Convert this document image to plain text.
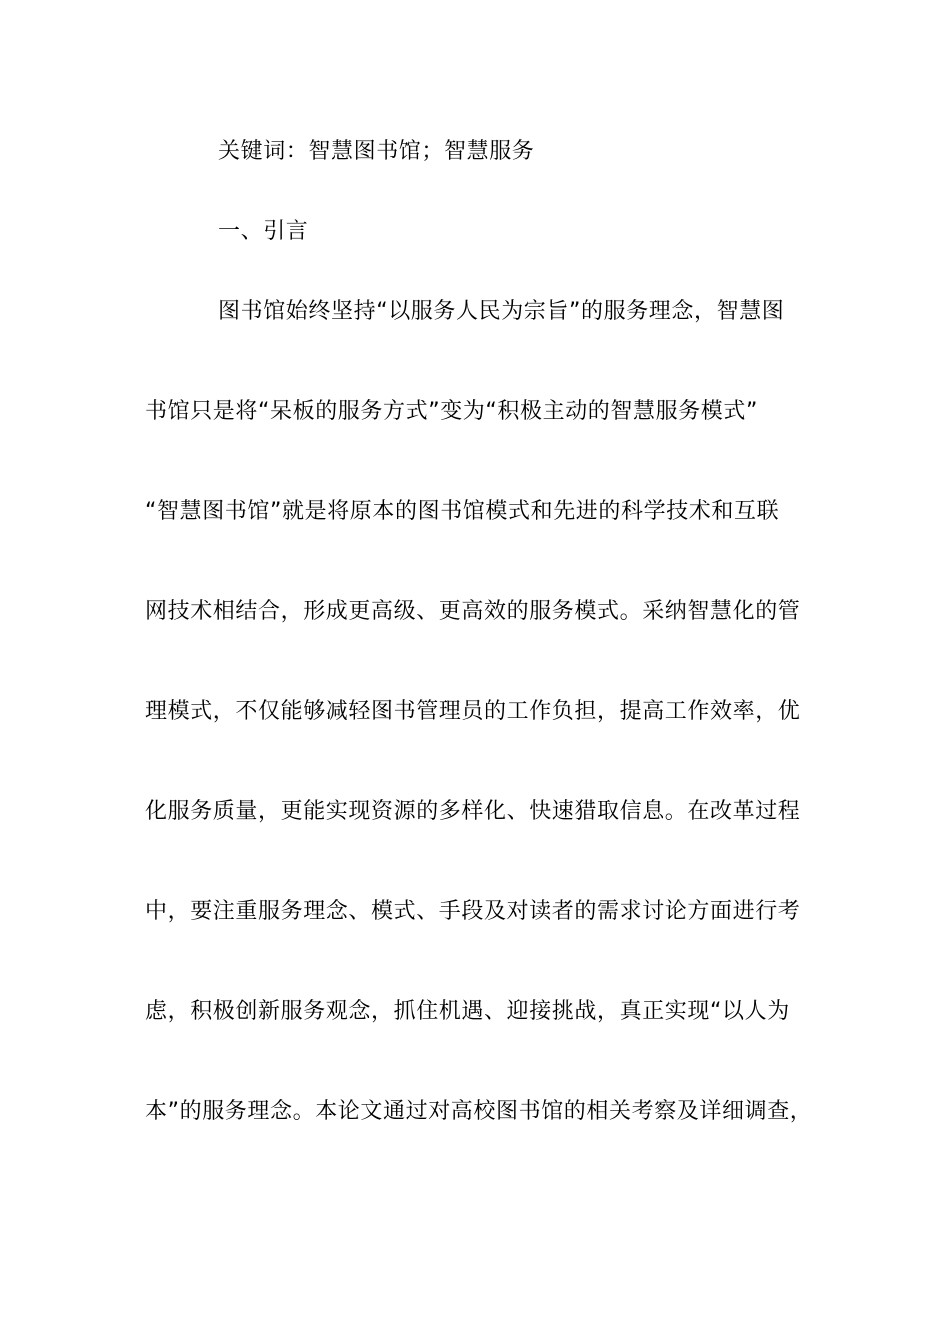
关键词：智慧图书馆；智慧服务
一、引言
图书馆始终坚持“以服务人民为宗旨”的服务理念，智慧图
书馆只是将“呆板的服务方式”变为“积极主动的智慧服务模式”
“智慧图书馆”就是将原本的图书馆模式和先进的科学技术和互联
网技术相结合，形成更高级、更高效的服务模式。采纳智慧化的管
理模式，不仅能够减轻图书管理员的工作负担，提高工作效率，优
化服务质量，更能实现资源的多样化、快速猎取信息。在改革过程
中，要注重服务理念、模式、手段及对读者的需求讨论方面进行考
虑，积极创新服务观念，抓住机遇、迎接挑战，真正实现“以人为
本”的服务理念。本论文通过对高校图书馆的相关考察及详细调查，
